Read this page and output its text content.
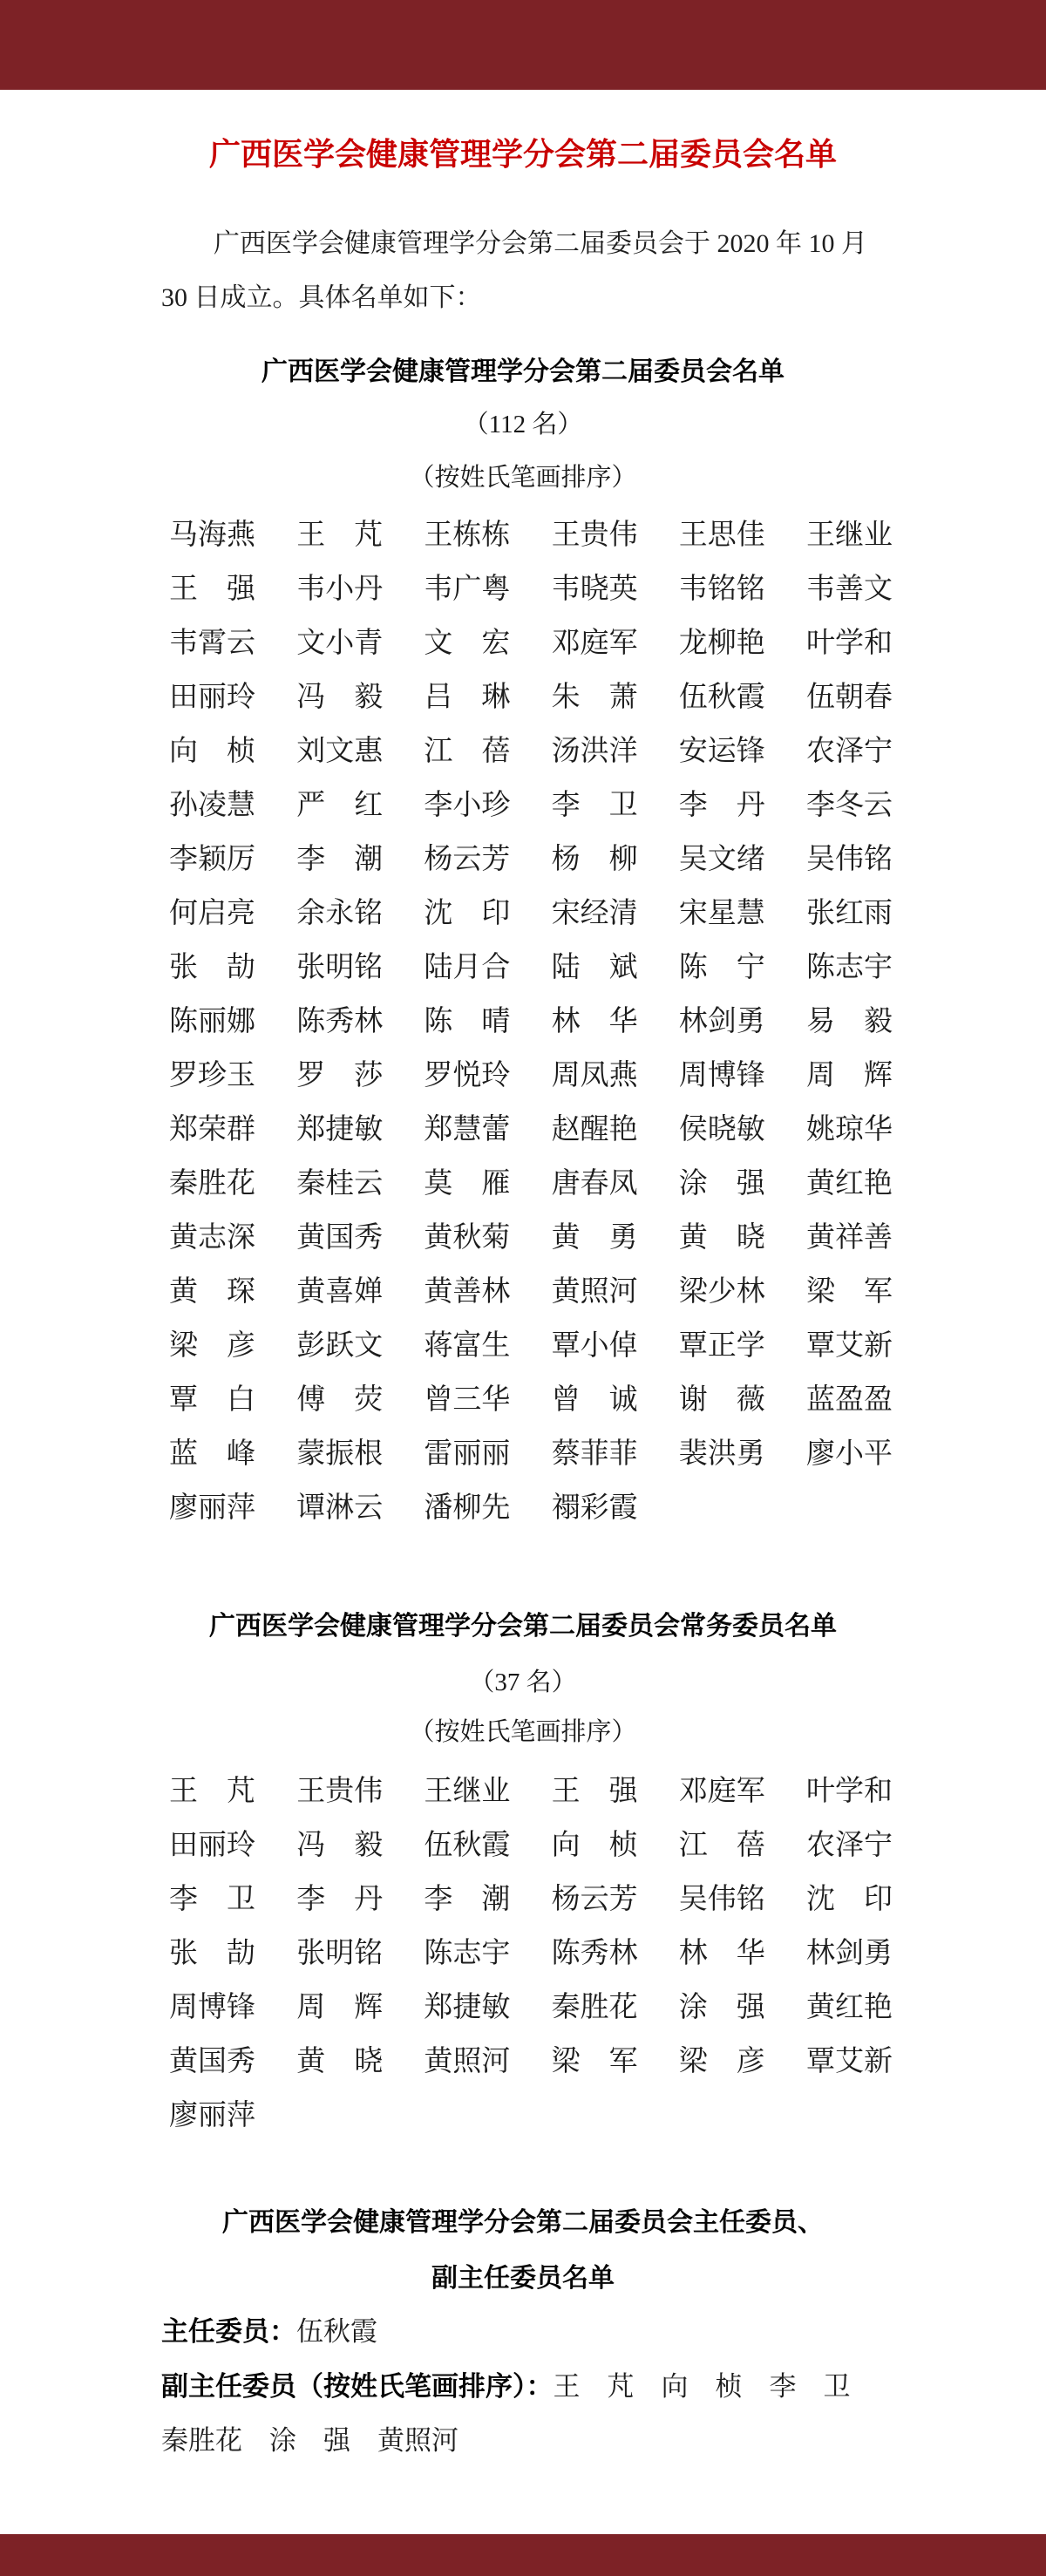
广西医学会健康管理学分会第二届委员会名单
广西医学会健康管理学分会第二届委员会于 2020 年 10 月
30 日成立。具体名单如下：
广西医学会健康管理学分会第二届委员会名单
（112 名）
（按姓氏笔画排序）
马海燕 王　芃 王栋栋 王贵伟 王思佳 王继业
王　强 韦小丹 韦广粤 韦晓英 韦铭铭 韦善文
韦霄云 文小青 文　宏 邓庭军 龙柳艳 叶学和
田丽玲 冯　毅 吕　琳 朱　萧 伍秋霞 伍朝春
向　桢 刘文惠 江　蓓 汤洪洋 安运锋 农泽宁
孙凌慧 严　红 李小珍 李　卫 李　丹 李冬云
李颖厉 李　潮 杨云芳 杨　柳 吴文绪 吴伟铭
何启亮 余永铭 沈　印 宋经清 宋星慧 张红雨
张　劼 张明铭 陆月合 陆　斌 陈　宁 陈志宇
陈丽娜 陈秀林 陈　晴 林　华 林剑勇 易　毅
罗珍玉 罗　莎 罗悦玲 周凤燕 周博锋 周　辉
郑荣群 郑捷敏 郑慧蕾 赵醒艳 侯晓敏 姚琼华
秦胜花 秦桂云 莫　雁 唐春凤 涂　强 黄红艳
黄志深 黄国秀 黄秋菊 黄　勇 黄　晓 黄祥善
黄　琛 黄喜婵 黄善林 黄照河 梁少林 梁　军
梁　彦 彭跃文 蒋富生 覃小倬 覃正学 覃艾新
覃　白 傅　荧 曾三华 曾　诚 谢　薇 蓝盈盈
蓝　峰 蒙振根 雷丽丽 蔡菲菲 裴洪勇 廖小平
廖丽萍 谭淋云 潘柳先 禤彩霞
广西医学会健康管理学分会第二届委员会常务委员名单
（37 名）
（按姓氏笔画排序）
王　芃 王贵伟 王继业 王　强 邓庭军 叶学和
田丽玲 冯　毅 伍秋霞 向　桢 江　蓓 农泽宁
李　卫 李　丹 李　潮 杨云芳 吴伟铭 沈　印
张　劼 张明铭 陈志宇 陈秀林 林　华 林剑勇
周博锋 周　辉 郑捷敏 秦胜花 涂　强 黄红艳
黄国秀 黄　晓 黄照河 梁　军 梁　彦 覃艾新
廖丽萍
广西医学会健康管理学分会第二届委员会主任委员、
副主任委员名单
主任委员：伍秋霞
副主任委员（按姓氏笔画排序）：王　芃　向　桢　李　卫
秦胜花　涂　强　黄照河
